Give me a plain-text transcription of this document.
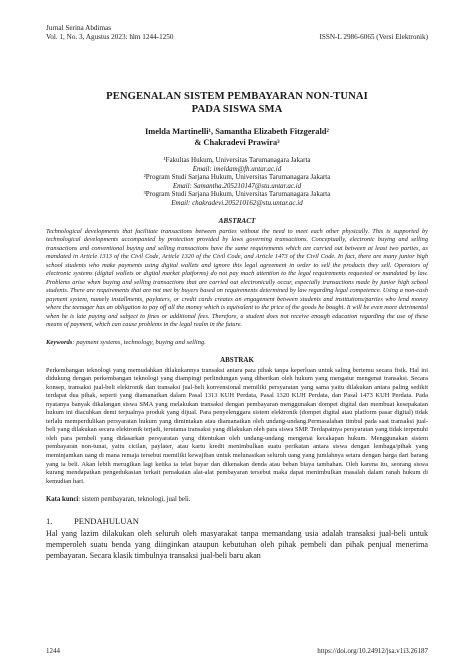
Jurnal Serina Abdimas
Vol. 1, No. 3, Agustus 2023: hlm 1244-1250	ISSN-L 2986-6065 (Versi Elektronik)
PENGENALAN SISTEM PEMBAYARAN NON-TUNAI
PADA SISWA SMA
Imelda Martinelli¹, Samantha Elizabeth Fitzgerald²
& Chakradevi Prawira³
¹Fakultas Hukum, Universitas Tarumanagara Jakarta
Email: imeldam@fh.untar.ac.id
²Program Studi Sarjana Hukum, Universitas Tarumanagara Jakarta
Email: Samantha.205210147@stu.untar.ac.id
³Program Studi Sarjana Hukum, Universitas Tarumanagara Jakarta
Email: chakradevi.205210162@stu.untar.ac.id
ABSTRACT
Technological developments that facilitate transactions between parties without the need to meet each other physically. This is supported by technological developments accompanied by protection provided by laws governing transactions. Conceptually, electronic buying and selling transactions and conventional buying and selling transactions have the same requirements which are carried out between at least two parties, as mandated in Article 1313 of the Civil Code, Article 1320 of the Civil Code, and Article 1473 of the Civil Code. In fact, there are many junior high school students who make payments using digital wallets and ignore this legal agreement in order to sell the products they sell. Operators of electronic systems (digital wallets or digital market platforms) do not pay much attention to the legal requirements requested or mandated by law. Problems arise when buying and selling transactions that are carried out electronically occur, especially transactions made by junior high school students. There are requirements that are not met by buyers based on requirements determined by law regarding legal competence. Using a non-cash payment system, namely installments, paylaters, or credit cards creates an engagement between students and institutions/parties who lend money where the teenager has an obligation to pay off all the money which is equivalent to the price of the goods he bought. It will be even more detrimental when he is late paying and subject to fines or additional fees. Therefore, a student does not receive enough education regarding the use of these means of payment, which can cause problems in the legal realm in the future.
Keywords: payment systems, technology, buying and selling.
ABSTRAK
Perkembangan teknologi yang memudahkan dilakukannya transaksi antara para pihak tanpa keperluan untuk saling bertemu secara fisik. Hal ini didukung dengan perkembangan teknologi yang diampingi perlindungan yang diberikan oleh hukum yang mengatur mengenai transaksi. Secara konsep, transaksi jual-beli elektronik dan transaksi jual-beli konvensional memiliki persyaratan yang sama yaitu dilakukan antara paling sedikit terdapat dua pihak, seperti yang diamanatkan dalam Pasal 1313 KUH Perdata, Pasal 1320 KUH Perdata, dan Pasal 1473 KUH Perdata. Pada nyatanya banyak dikalangan siswa SMA yang melakukan transaksi dengan pembayaran menggunakan dompet digital dan membuat kesepakatan hukum ini diacuhkan demi terjualnya produk yang dijual. Para penyelenggara sistem elektronik (dompet digital atau platform pasar digital) tidak terlalu memperdulikan persyaratan hukum yang dimintakan atau diamanatkan oleh undang-undang.Permasalahan timbul pada saat transaksi jual-beli yang dilakukan secara elektronik terjadi, terutama transaksi yang dilakukan oleh para siswa SMP. Terdapatnya persyaratan yang tidak terpenuhi oleh para pembeli yang didasarkan persyaratan yang ditentukan oleh undang-undang mengenai kecakapan hukum. Menggunakan sistem pembayaran non-tunai, yaitu cicilan, paylater, atau kartu kredit menimbulkan suatu perikatan antara siswa dengan lembaga/pihak yang meminjamkan uang di mana remaja tersebut memiliki kewajiban untuk melunasikan seluruh uang yang jumlahnya setara dengan harga dari barang yang ia beli. Akan lebih merugikan lagi ketika ia telat bayar dan dikenakan denda atau beban biaya tambahan. Oleh karena itu, seorang siswa kurang mendapatkan pengedukasian terkait pemakaian alat-alat pembayaran tersebut maka dapat menimbulkan masalah dalam ranah hukum di kemudian hari.
Kata kunci: sistem pembayaran, teknologi, jual beli.
1.	PENDAHULUAN
Hal yang lazim dilakukan oleh seluruh oleh masyarakat tanpa memandang usia adalah transaksi jual-beli untuk memperoleh suatu benda yang diinginkan ataupun kebutuhan oleh pihak pembeli dan pihak penjual menerima pembayaran. Secara klasik timbulnya transaksi jual-beli baru akan
1244	https://doi.org/10.24912/jsa.v1i3.26187
